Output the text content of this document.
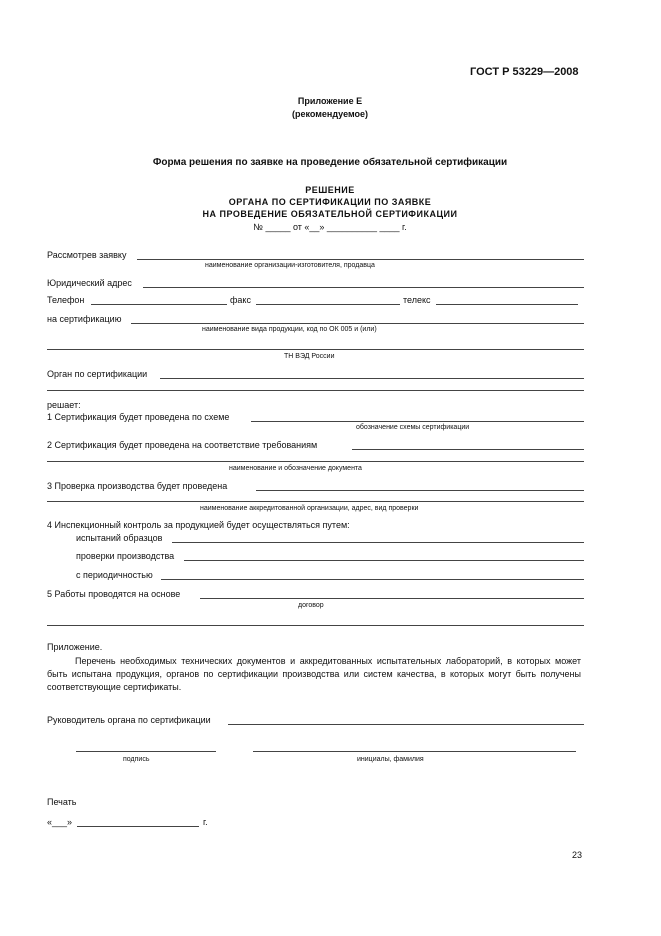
ГОСТ Р 53229—2008
Приложение Е
(рекомендуемое)
Форма решения по заявке на проведение обязательной сертификации
РЕШЕНИЕ
ОРГАНА ПО СЕРТИФИКАЦИИ ПО ЗАЯВКЕ
НА ПРОВЕДЕНИЕ ОБЯЗАТЕЛЬНОЙ СЕРТИФИКАЦИИ
№ _____ от «__» __________ ____ г.
Рассмотрев заявку
наименование организации-изготовителя, продавца
Юридический адрес
Телефон	факс	телекс
на сертификацию
наименование вида продукции, код по ОК 005 и (или)
ТН ВЭД России
Орган по сертификации
решает:
1 Сертификация будет проведена по схеме
обозначение схемы сертификации
2 Сертификация будет проведена на соответствие требованиям
наименование и обозначение документа
3 Проверка производства будет проведена
наименование аккредитованной организации, адрес, вид проверки
4 Инспекционный контроль за продукцией будет осуществляться путем:
испытаний образцов
проверки производства
с периодичностью
5 Работы проводятся на основе
договор
Приложение.
Перечень необходимых технических документов и аккредитованных испытательных лабораторий, в которых может быть испытана продукция, органов по сертификации производства или систем качества, в которых могут быть получены соответствующие сертификаты.
Руководитель органа по сертификации
подпись	инициалы, фамилия
Печать
«___»	г.
23
